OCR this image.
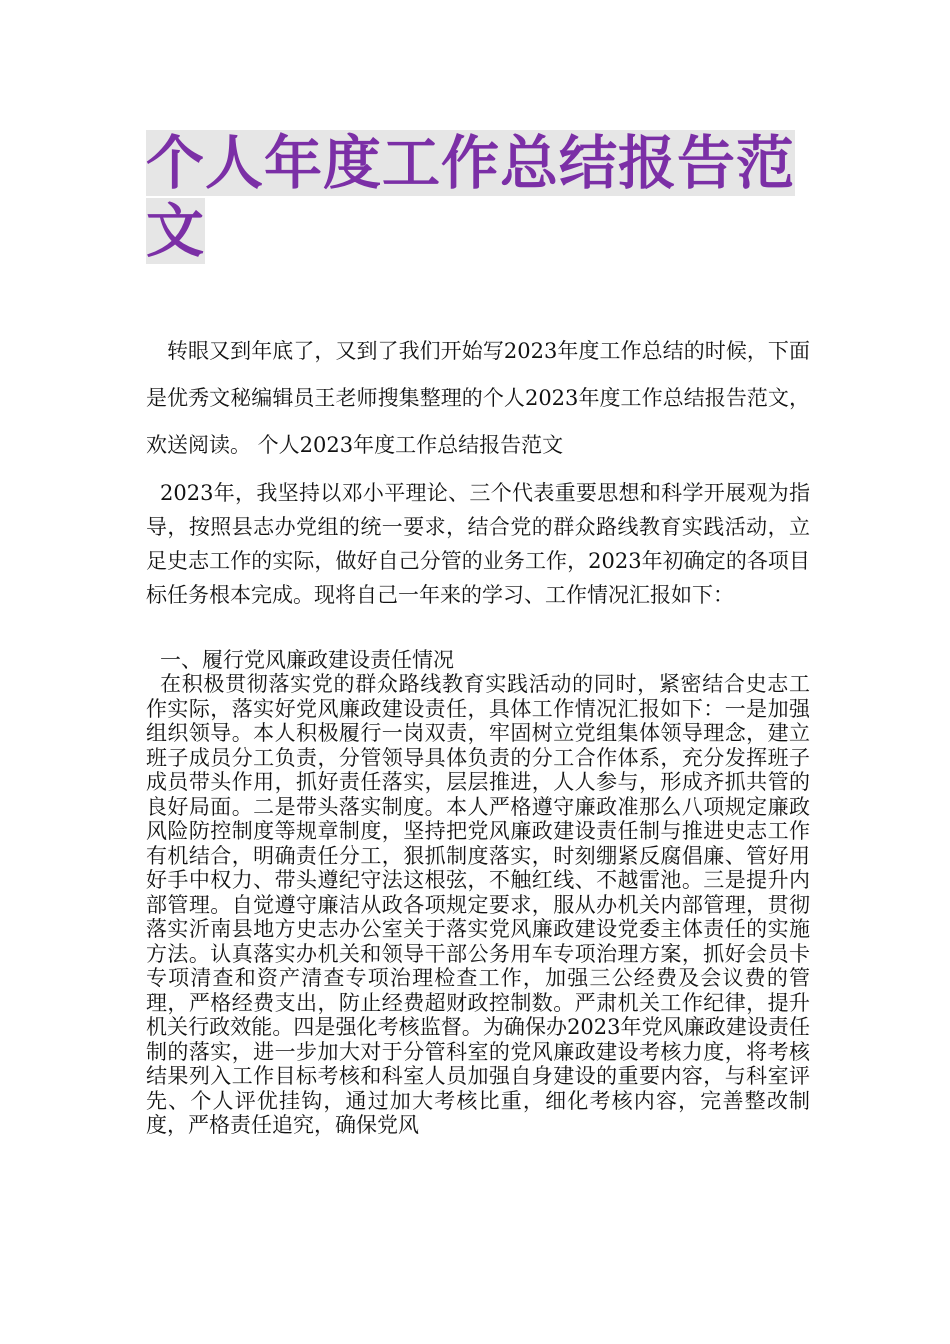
个人年度工作总结报告范
文
转眼又到年底了，又到了我们开始写2023年度工作总结的时候，下面是优秀文秘编辑员王老师搜集整理的个人2023年度工作总结报告范文，欢送阅读。 个人2023年度工作总结报告范文
2023年，我坚持以邓小平理论、三个代表重要思想和科学开展观为指导，按照县志办党组的统一要求，结合党的群众路线教育实践活动，立足史志工作的实际，做好自己分管的业务工作，2023年初确定的各项目标任务根本完成。现将自己一年来的学习、工作情况汇报如下：
一、履行党风廉政建设责任情况
在积极贯彻落实党的群众路线教育实践活动的同时，紧密结合史志工作实际，落实好党风廉政建设责任，具体工作情况汇报如下：一是加强组织领导。本人积极履行一岗双责，牢固树立党组集体领导理念，建立班子成员分工负责，分管领导具体负责的分工合作体系，充分发挥班子成员带头作用，抓好责任落实，层层推进，人人参与，形成齐抓共管的良好局面。二是带头落实制度。本人严格遵守廉政准那么八项规定廉政风险防控制度等规章制度，坚持把党风廉政建设责任制与推进史志工作有机结合，明确责任分工，狠抓制度落实，时刻绷紧反腐倡廉、管好用好手中权力、带头遵纪守法这根弦，不触红线、不越雷池。三是提升内部管理。自觉遵守廉洁从政各项规定要求，服从办机关内部管理，贯彻落实沂南县地方史志办公室关于落实党风廉政建设党委主体责任的实施方法。认真落实办机关和领导干部公务用车专项治理方案，抓好会员卡专项清查和资产清查专项治理检查工作，加强三公经费及会议费的管理，严格经费支出，防止经费超财政控制数。严肃机关工作纪律，提升机关行政效能。四是强化考核监督。为确保办2023年党风廉政建设责任制的落实，进一步加大对于分管科室的党风廉政建设考核力度，将考核结果列入工作目标考核和科室人员加强自身建设的重要内容，与科室评先、个人评优挂钩，通过加大考核比重，细化考核内容，完善整改制度，严格责任追究，确保党风
